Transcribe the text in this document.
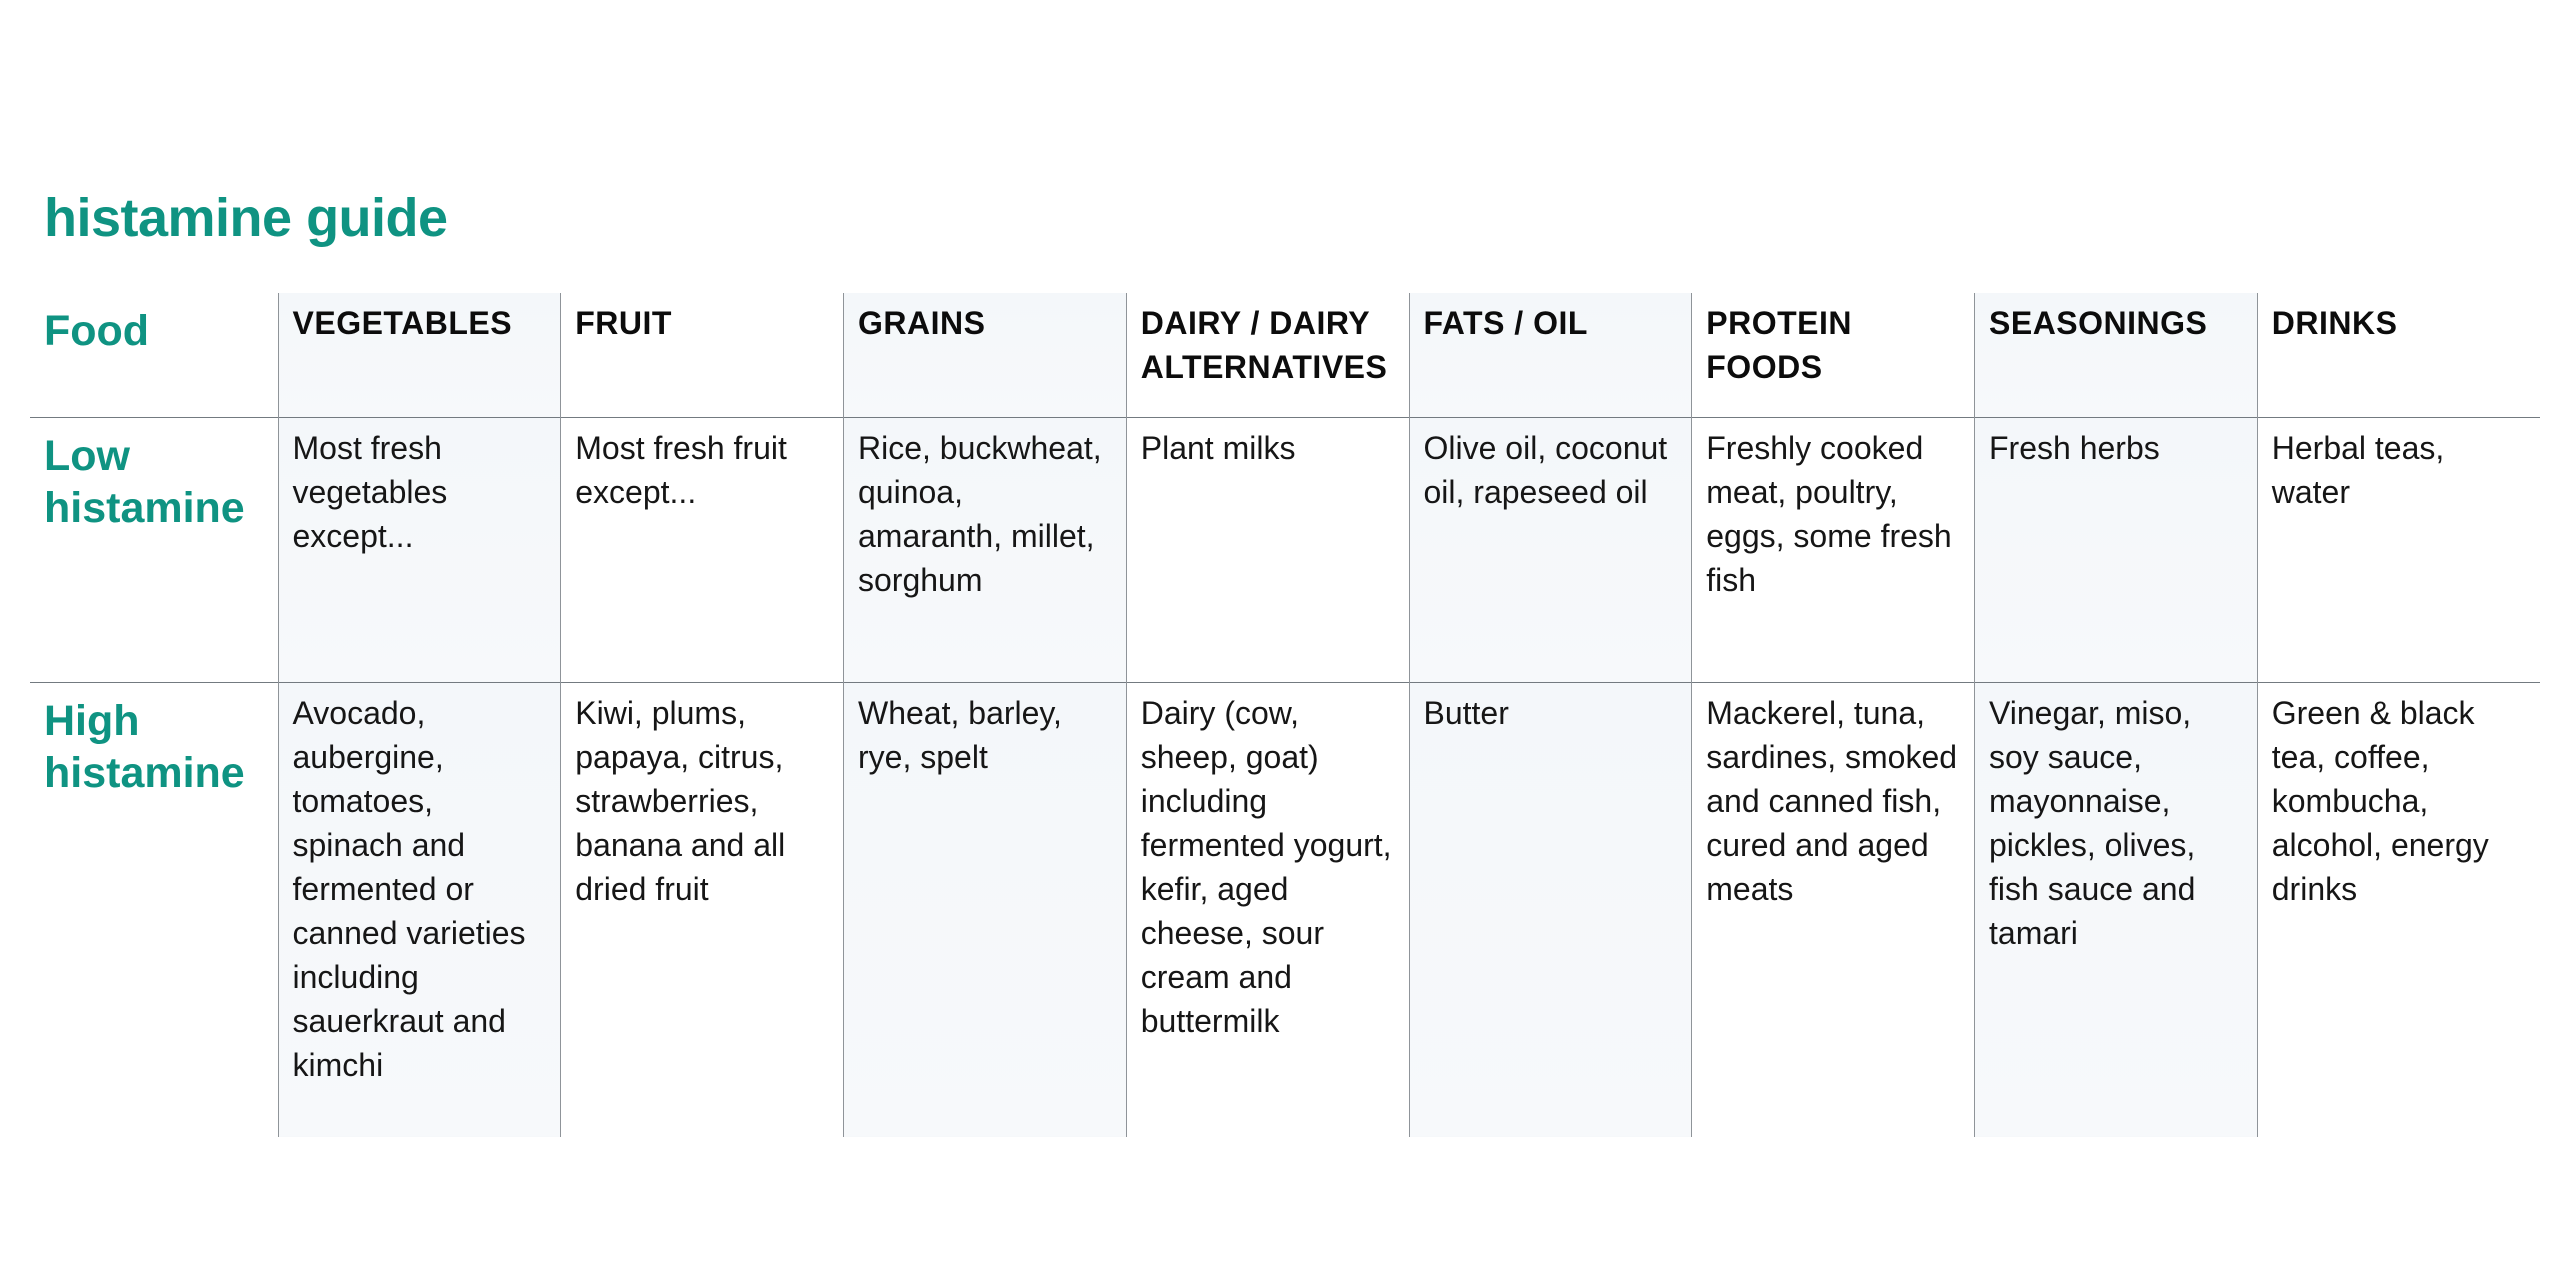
histamine guide
Food	VEGETABLES	FRUIT	GRAINS	DAIRY / DAIRY ALTERNATIVES	FATS / OIL	PROTEIN FOODS	SEASONINGS	DRINKS
Low histamine	Most fresh vegetables except...	Most fresh fruit except...	Rice, buckwheat, quinoa, amaranth, millet, sorghum	Plant milks	Olive oil, coconut oil, rapeseed oil	Freshly cooked meat, poultry, eggs, some fresh fish	Fresh herbs	Herbal teas, water
High histamine	Avocado, aubergine, tomatoes, spinach and fermented or canned varieties including sauerkraut and kimchi	Kiwi, plums, papaya, citrus, strawberries, banana and all dried fruit	Wheat, barley, rye, spelt	Dairy (cow, sheep, goat) including fermented yogurt, kefir, aged cheese, sour cream and buttermilk	Butter	Mackerel, tuna, sardines, smoked and canned fish, cured and aged meats	Vinegar, miso, soy sauce, mayonnaise, pickles, olives, fish sauce and tamari	Green & black tea, coffee, kombucha, alcohol, energy drinks
